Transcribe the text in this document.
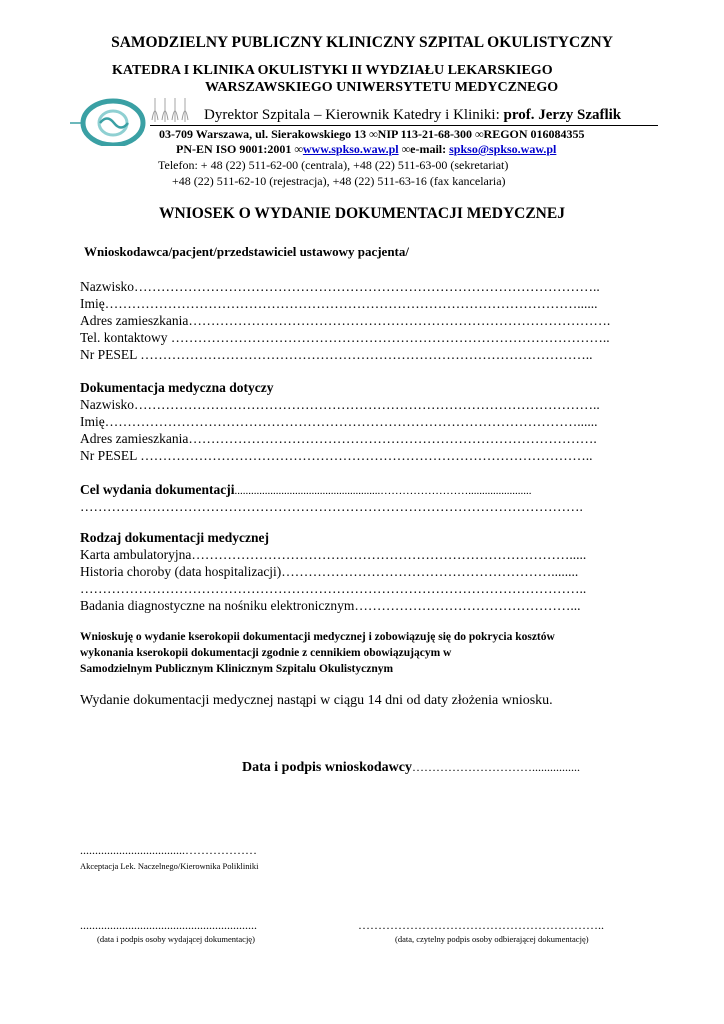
SAMODZIELNY PUBLICZNY KLINICZNY SZPITAL OKULISTYCZNY
KATEDRA I KLINIKA OKULISTYKI II WYDZIAŁU LEKARSKIEGO
WARSZAWSKIEGO UNIWERSYTETU MEDYCZNEGO
Dyrektor Szpitala – Kierownik Katedry i Kliniki: prof. Jerzy Szaflik
03-709 Warszawa, ul. Sierakowskiego 13 ∞NIP 113-21-68-300 ∞REGON 016084355
PN-EN ISO 9001:2001 ∞www.spkso.waw.pl ∞e-mail: spkso@spkso.waw.pl
Telefon: + 48 (22) 511-62-00 (centrala), +48 (22) 511-63-00 (sekretariat)
+48 (22) 511-62-10 (rejestracja), +48 (22) 511-63-16 (fax kancelaria)
WNIOSEK O WYDANIE DOKUMENTACJI MEDYCZNEJ
Wnioskodawca/pacjent/przedstawiciel ustawowy pacjenta/
Nazwisko…………………………………………………………………………………………..
Imię……………………………………………………………………………………………......
Adres zamieszkania………………………………………………………………………………….
Tel. kontaktowy ……………………………………………………………………………………..
Nr PESEL ………………………………………………………………………………………..
Dokumentacja medyczna dotyczy
Nazwisko…………………………………………………………………………………………..
Imię……………………………………………………………………………………………......
Adres zamieszkania……………………………………………………………………………….
Nr PESEL ………………………………………………………………………………………..
Cel wydania dokumentacji.....................................................…………………….......................
………………………………………………………………………………………………….
Rodzaj dokumentacji medycznej
Karta ambulatoryjna………………………………………………………………………….....
Historia choroby (data hospitalizacji)……………………………………………………........
…………………………………………………………………………………………………..
Badania diagnostyczne na nośniku elektronicznym…………………………………………...
Wnioskuję o wydanie kserokopii dokumentacji medycznej i zobowiązuję się do pokrycia kosztów
wykonania kserokopii dokumentacji zgodnie z cennikiem obowiązującym w
Samodzielnym Publicznym Klinicznym Szpitalu Okulistycznym
Wydanie dokumentacji medycznej nastąpi w ciągu 14 dni od daty złożenia wniosku.
Data i podpis wnioskodawcy…………………………................
...................................………………
Akceptacja Lek. Naczelnego/Kierownika Polikliniki
...........................................................
(data i podpis osoby wydającej dokumentację)
……………………………………………………..
(data, czytelny podpis osoby odbierającej dokumentację)
